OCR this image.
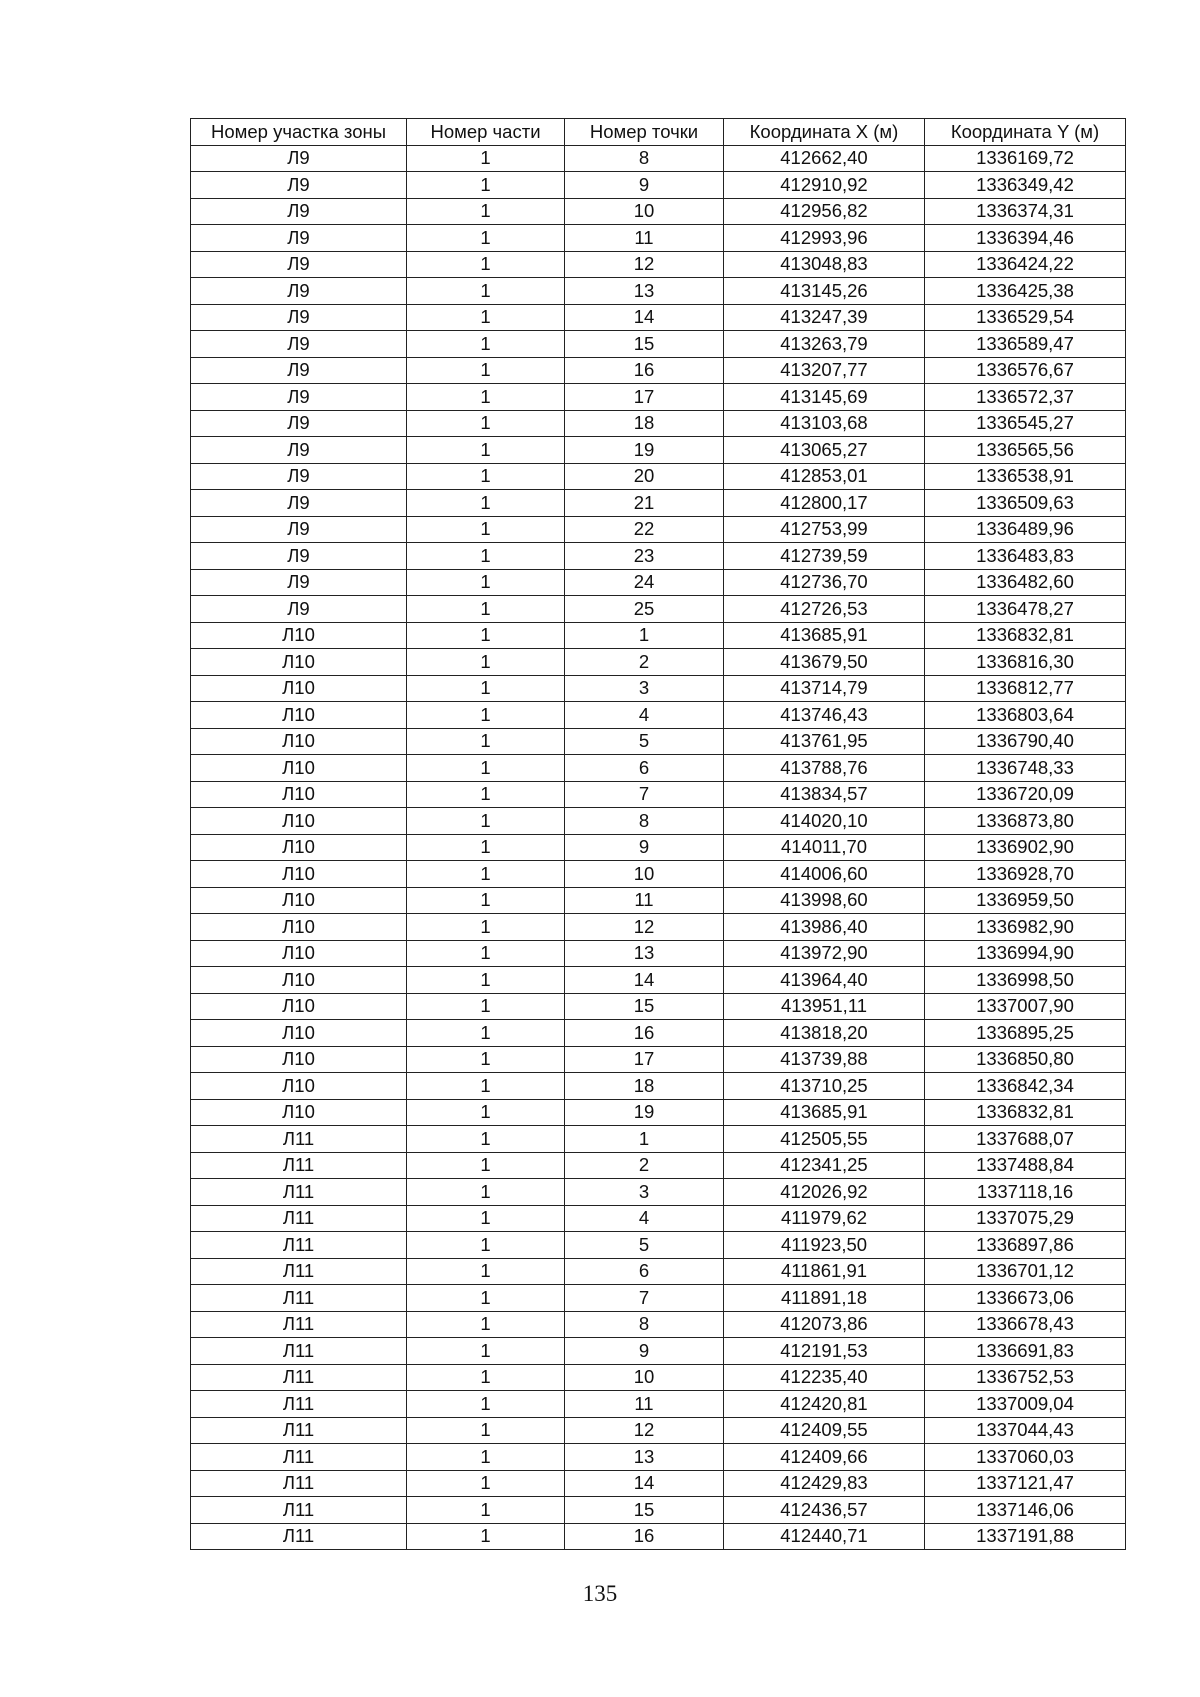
Номер участка зоны	Номер части	Номер точки	Координата X (м)	Координата Y (м)
Л9	1	8	412662,40	1336169,72
Л9	1	9	412910,92	1336349,42
Л9	1	10	412956,82	1336374,31
Л9	1	11	412993,96	1336394,46
Л9	1	12	413048,83	1336424,22
Л9	1	13	413145,26	1336425,38
Л9	1	14	413247,39	1336529,54
Л9	1	15	413263,79	1336589,47
Л9	1	16	413207,77	1336576,67
Л9	1	17	413145,69	1336572,37
Л9	1	18	413103,68	1336545,27
Л9	1	19	413065,27	1336565,56
Л9	1	20	412853,01	1336538,91
Л9	1	21	412800,17	1336509,63
Л9	1	22	412753,99	1336489,96
Л9	1	23	412739,59	1336483,83
Л9	1	24	412736,70	1336482,60
Л9	1	25	412726,53	1336478,27
Л10	1	1	413685,91	1336832,81
Л10	1	2	413679,50	1336816,30
Л10	1	3	413714,79	1336812,77
Л10	1	4	413746,43	1336803,64
Л10	1	5	413761,95	1336790,40
Л10	1	6	413788,76	1336748,33
Л10	1	7	413834,57	1336720,09
Л10	1	8	414020,10	1336873,80
Л10	1	9	414011,70	1336902,90
Л10	1	10	414006,60	1336928,70
Л10	1	11	413998,60	1336959,50
Л10	1	12	413986,40	1336982,90
Л10	1	13	413972,90	1336994,90
Л10	1	14	413964,40	1336998,50
Л10	1	15	413951,11	1337007,90
Л10	1	16	413818,20	1336895,25
Л10	1	17	413739,88	1336850,80
Л10	1	18	413710,25	1336842,34
Л10	1	19	413685,91	1336832,81
Л11	1	1	412505,55	1337688,07
Л11	1	2	412341,25	1337488,84
Л11	1	3	412026,92	1337118,16
Л11	1	4	411979,62	1337075,29
Л11	1	5	411923,50	1336897,86
Л11	1	6	411861,91	1336701,12
Л11	1	7	411891,18	1336673,06
Л11	1	8	412073,86	1336678,43
Л11	1	9	412191,53	1336691,83
Л11	1	10	412235,40	1336752,53
Л11	1	11	412420,81	1337009,04
Л11	1	12	412409,55	1337044,43
Л11	1	13	412409,66	1337060,03
Л11	1	14	412429,83	1337121,47
Л11	1	15	412436,57	1337146,06
Л11	1	16	412440,71	1337191,88
135
